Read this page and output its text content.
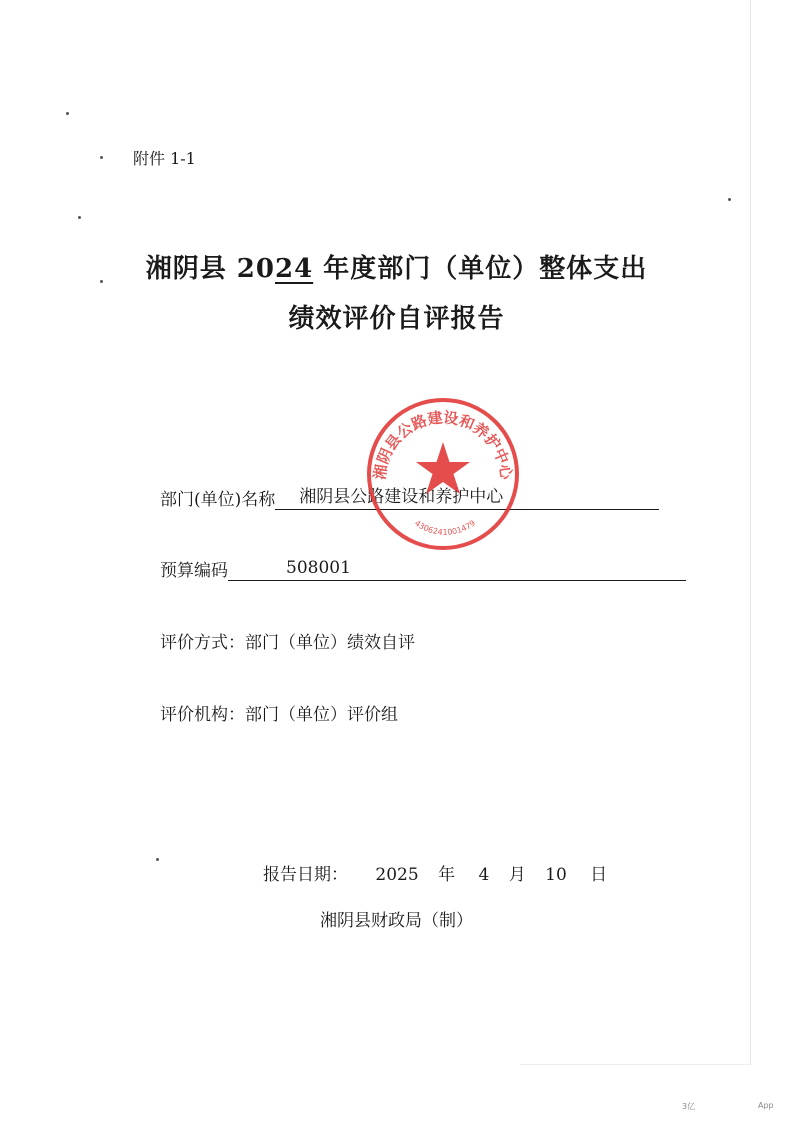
附件 1-1
湘阴县 2024 年度部门（单位）整体支出
绩效评价自评报告
部门(单位)名称	湘阴县公路建设和养护中心
预算编码	508001
评价方式：部门（单位）绩效自评
评价机构：部门（单位）评价组
报告日期： 2025 年 4 月 10 日
湘阴县财政局（制）
湘阴县公路建设和养护中心
4306241001479
3亿	App
